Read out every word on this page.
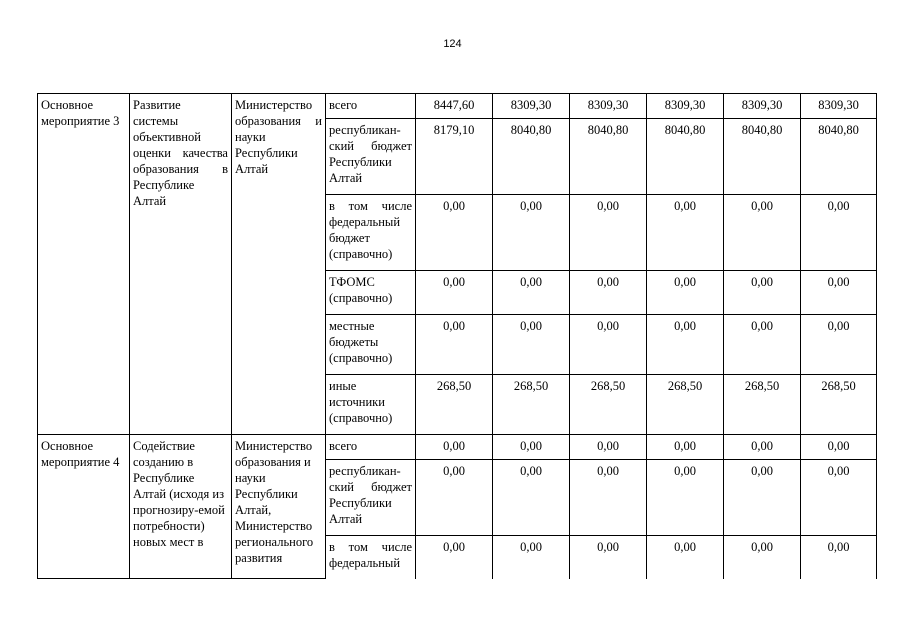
124
Основное мероприятие 3	Развитие системы объективной оценки качества образования в Республике Алтай	Министерство образования и науки Республики Алтай	всего	8447,60	8309,30	8309,30	8309,30	8309,30	8309,30
			республикан-ский бюджет Республики Алтай	8179,10	8040,80	8040,80	8040,80	8040,80	8040,80
			в том числе федеральный бюджет (справочно)	0,00	0,00	0,00	0,00	0,00	0,00
			ТФОМС (справочно)	0,00	0,00	0,00	0,00	0,00	0,00
			местные бюджеты (справочно)	0,00	0,00	0,00	0,00	0,00	0,00
			иные источники (справочно)	268,50	268,50	268,50	268,50	268,50	268,50
Основное мероприятие 4	Содействие созданию в Республике Алтай (исходя из прогнозиру-емой потребности) новых мест в	Министерство образования и науки Республики Алтай, Министерство регионального развития	всего	0,00	0,00	0,00	0,00	0,00	0,00
			республикан-ский бюджет Республики Алтай	0,00	0,00	0,00	0,00	0,00	0,00
			в том числе федеральный	0,00	0,00	0,00	0,00	0,00	0,00
